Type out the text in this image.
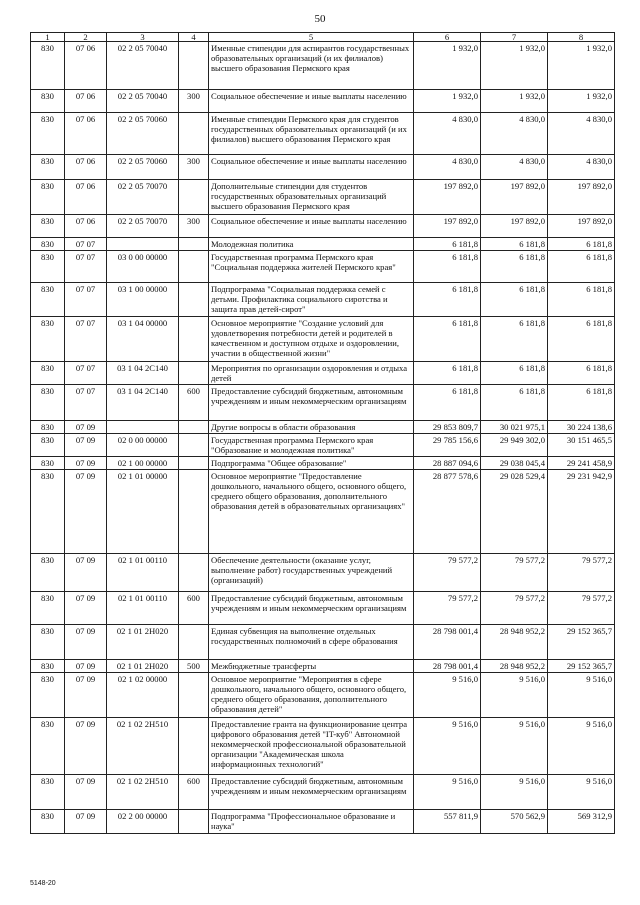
50
1	2	3	4	5	6	7	8
830	07 06	02 2 05 70040		Именные стипендии для аспирантов государственных образовательных организаций (и их филиалов) высшего образования Пермского края	1 932,0	1 932,0	1 932,0
830	07 06	02 2 05 70040	300	Социальное обеспечение и иные выплаты населению	1 932,0	1 932,0	1 932,0
830	07 06	02 2 05 70060		Именные стипендии Пермского края для студентов государственных образовательных организаций (и их филиалов) высшего образования Пермского края	4 830,0	4 830,0	4 830,0
830	07 06	02 2 05 70060	300	Социальное обеспечение и иные выплаты населению	4 830,0	4 830,0	4 830,0
830	07 06	02 2 05 70070		Дополнительные стипендии для студентов государственных образовательных организаций высшего образования Пермского края	197 892,0	197 892,0	197 892,0
830	07 06	02 2 05 70070	300	Социальное обеспечение и иные выплаты населению	197 892,0	197 892,0	197 892,0
830	07 07			Молодежная политика	6 181,8	6 181,8	6 181,8
830	07 07	03 0 00 00000		Государственная программа Пермского края "Социальная поддержка жителей Пермского края"	6 181,8	6 181,8	6 181,8
830	07 07	03 1 00 00000		Подпрограмма "Социальная поддержка семей с детьми. Профилактика социального сиротства и защита прав детей-сирот"	6 181,8	6 181,8	6 181,8
830	07 07	03 1 04 00000		Основное мероприятие "Создание условий для удовлетворения потребности детей и родителей в качественном и доступном отдыхе и оздоровлении, участии в общественной жизни"	6 181,8	6 181,8	6 181,8
830	07 07	03 1 04 2C140		Мероприятия по организации оздоровления и отдыха детей	6 181,8	6 181,8	6 181,8
830	07 07	03 1 04 2C140	600	Предоставление субсидий бюджетным, автономным учреждениям и иным некоммерческим организациям	6 181,8	6 181,8	6 181,8
830	07 09			Другие вопросы в области образования	29 853 809,7	30 021 975,1	30 224 138,6
830	07 09	02 0 00 00000		Государственная программа Пермского края "Образование и молодежная политика"	29 785 156,6	29 949 302,0	30 151 465,5
830	07 09	02 1 00 00000		Подпрограмма "Общее образование"	28 887 094,6	29 038 045,4	29 241 458,9
830	07 09	02 1 01 00000		Основное мероприятие "Предоставление дошкольного, начального общего, основного общего, среднего общего образования, дополнительного образования детей в образовательных организациях"	28 877 578,6	29 028 529,4	29 231 942,9
830	07 09	02 1 01 00110		Обеспечение деятельности (оказание услуг, выполнение работ) государственных учреждений (организаций)	79 577,2	79 577,2	79 577,2
830	07 09	02 1 01 00110	600	Предоставление субсидий бюджетным, автономным учреждениям и иным некоммерческим организациям	79 577,2	79 577,2	79 577,2
830	07 09	02 1 01 2H020		Единая субвенция на выполнение отдельных государственных полномочий в сфере образования	28 798 001,4	28 948 952,2	29 152 365,7
830	07 09	02 1 01 2H020	500	Межбюджетные трансферты	28 798 001,4	28 948 952,2	29 152 365,7
830	07 09	02 1 02 00000		Основное мероприятие "Мероприятия в сфере дошкольного, начального общего, основного общего, среднего общего образования, дополнительного образования детей"	9 516,0	9 516,0	9 516,0
830	07 09	02 1 02 2H510		Предоставление гранта на функционирование центра цифрового образования детей "IT-куб" Автономной некоммерческой профессиональной образовательной организации "Академическая школа информационных технологий"	9 516,0	9 516,0	9 516,0
830	07 09	02 1 02 2H510	600	Предоставление субсидий бюджетным, автономным учреждениям и иным некоммерческим организациям	9 516,0	9 516,0	9 516,0
830	07 09	02 2 00 00000		Подпрограмма "Профессиональное образование и наука"	557 811,9	570 562,9	569 312,9
5148-20
